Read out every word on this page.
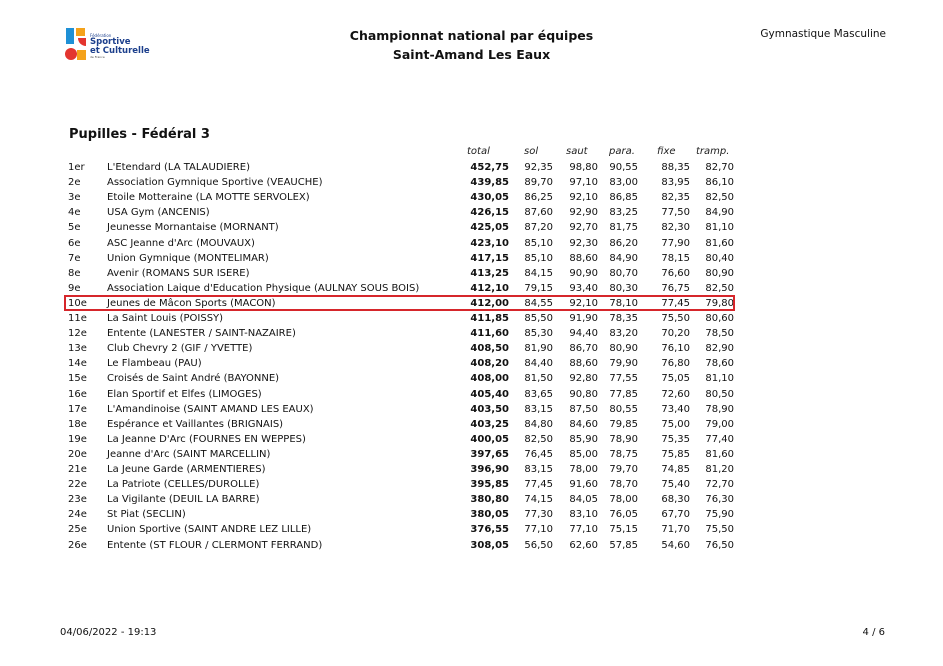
Fédération
Sportive
et Culturelle
de France
Championnat national par équipes
Saint-Amand Les Eaux
Gymnastique Masculine
Pupilles - Fédéral 3
total	sol	saut para. fixe tramp.
1er L'Etendard (LA TALAUDIERE)	452,75 92,35 98,80 90,55 88,35 82,70
2e	Association Gymnique Sportive (VEAUCHE)	439,85 89,70 97,10 83,00 83,95 86,10
3e	Etoile Motteraine (LA MOTTE SERVOLEX)	430,05 86,25 92,10 86,85 82,35 82,50
4e	USA Gym (ANCENIS)	426,15 87,60 92,90 83,25 77,50 84,90
5e	Jeunesse Mornantaise (MORNANT)	425,05 87,20 92,70 81,75 82,30 81,10
6e	ASC Jeanne d'Arc (MOUVAUX)	423,10 85,10 92,30 86,20 77,90 81,60
7e	Union Gymnique (MONTELIMAR)	417,15 85,10 88,60 84,90 78,15 80,40
8e	Avenir (ROMANS SUR ISERE)	413,25 84,15 90,90 80,70 76,60 80,90
9e	Association Laique d'Education Physique (AULNAY SOUS BOIS)	412,10 79,15 93,40 80,30 76,75 82,50
10e Jeunes de Mâcon Sports (MACON)	412,00 84,55 92,10 78,10 77,45 79,80
11e La Saint Louis (POISSY)	411,85 85,50 91,90 78,35 75,50 80,60
12e Entente (LANESTER / SAINT-NAZAIRE)	411,60 85,30 94,40 83,20 70,20 78,50
13e Club Chevry 2 (GIF / YVETTE)	408,50 81,90 86,70 80,90 76,10 82,90
14e Le Flambeau (PAU)	408,20 84,40 88,60 79,90 76,80 78,60
15e Croisés de Saint André (BAYONNE)	408,00 81,50 92,80 77,55 75,05 81,10
16e Elan Sportif et Elfes (LIMOGES)	405,40 83,65 90,80 77,85 72,60 80,50
17e L'Amandinoise (SAINT AMAND LES EAUX)	403,50 83,15 87,50 80,55 73,40 78,90
18e Espérance et Vaillantes (BRIGNAIS)	403,25 84,80 84,60 79,85 75,00 79,00
19e La Jeanne D'Arc (FOURNES EN WEPPES)	400,05 82,50 85,90 78,90 75,35 77,40
20e Jeanne d'Arc (SAINT MARCELLIN)	397,65 76,45 85,00 78,75 75,85 81,60
21e La Jeune Garde (ARMENTIERES)	396,90 83,15 78,00 79,70 74,85 81,20
22e La Patriote (CELLES/DUROLLE)	395,85 77,45 91,60 78,70 75,40 72,70
23e La Vigilante (DEUIL LA BARRE)	380,80 74,15 84,05 78,00 68,30 76,30
24e St Piat (SECLIN)	380,05 77,30 83,10 76,05 67,70 75,90
25e Union Sportive (SAINT ANDRE LEZ LILLE)	376,55 77,10 77,10 75,15 71,70 75,50
26e Entente (ST FLOUR / CLERMONT FERRAND)	308,05 56,50 62,60 57,85 54,60 76,50
04/06/2022 - 19:13	4 / 6
